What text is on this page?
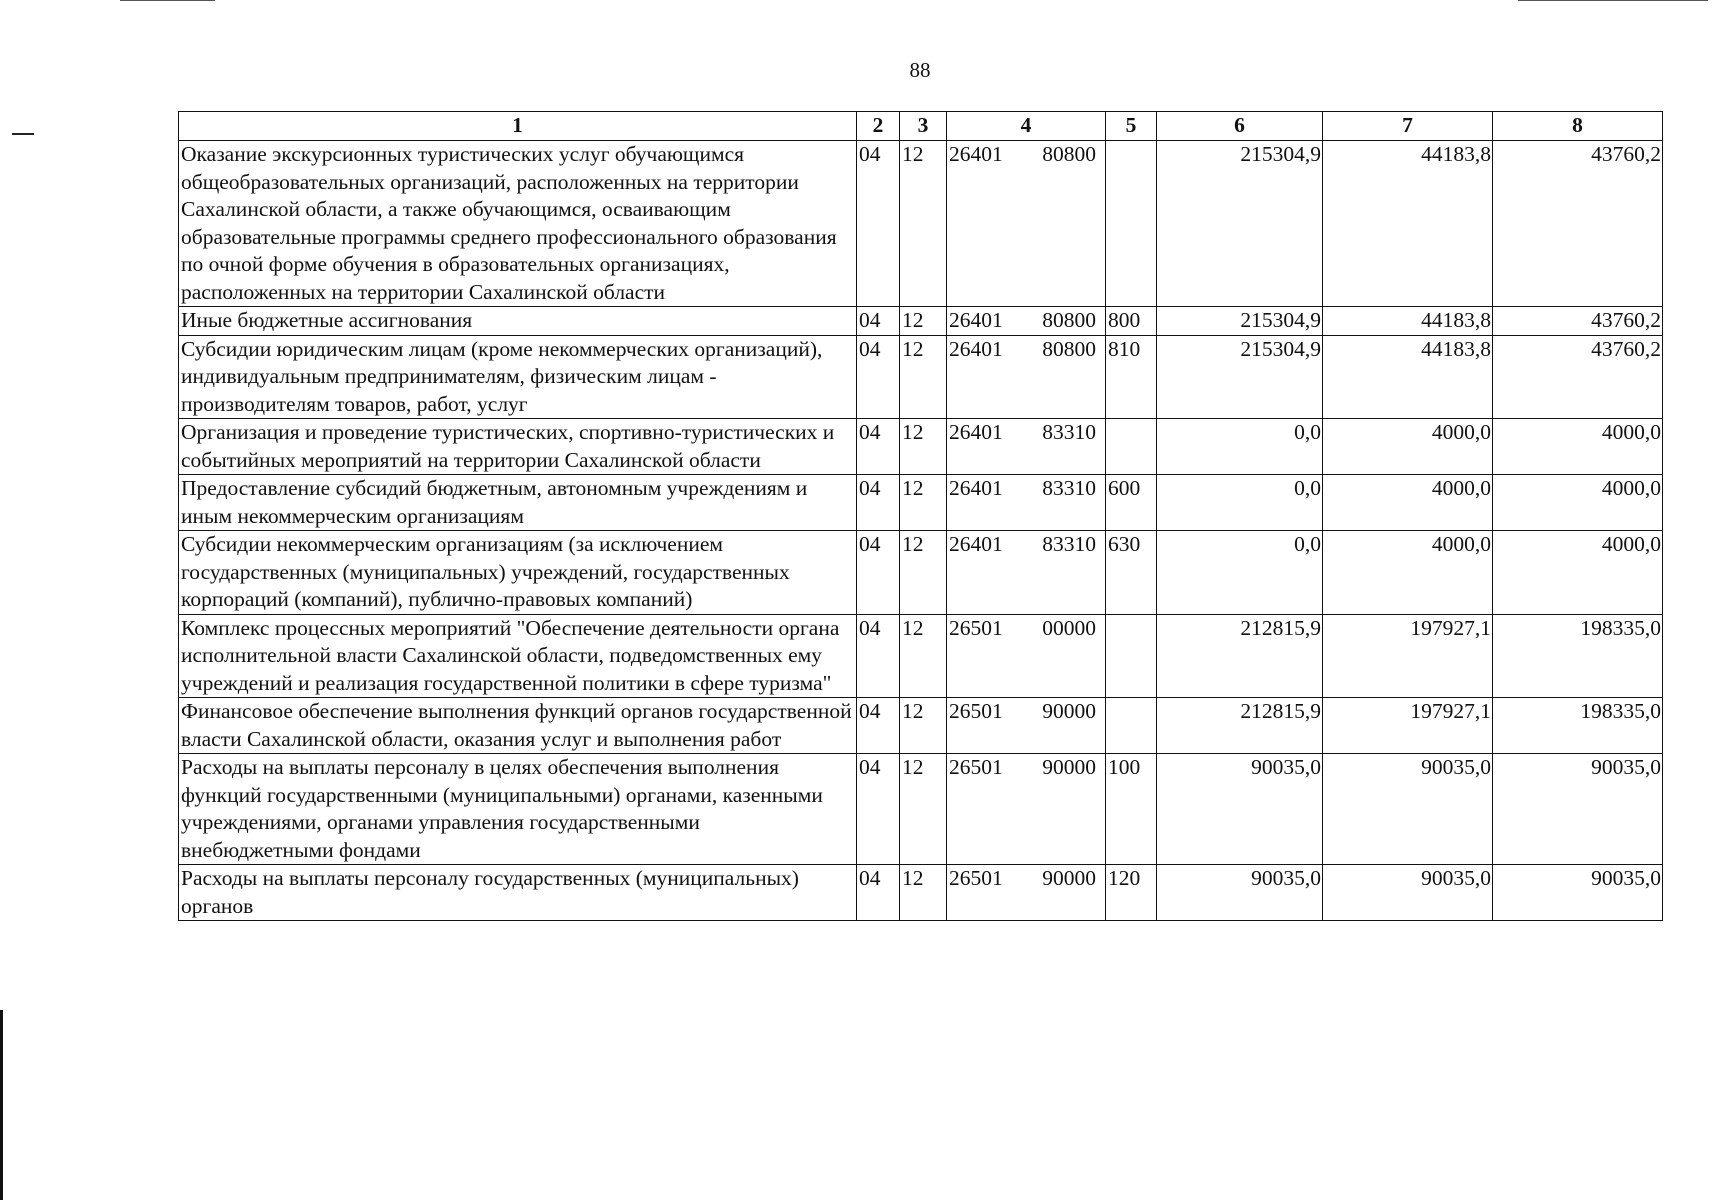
88
1	2	3	4	5	6	7	8
Оказание экскурсионных туристических услуг обучающимся общеобразовательных организаций, расположенных на территории Сахалинской области, а также обучающимся, осваивающим образовательные программы среднего профессионального образования по очной форме обучения в образовательных организациях, расположенных на территории Сахалинской области	04	12	26401 80800		215304,9	44183,8	43760,2
Иные бюджетные ассигнования	04	12	26401 80800	800	215304,9	44183,8	43760,2
Субсидии юридическим лицам (кроме некоммерческих организаций), индивидуальным предпринимателям, физическим лицам - производителям товаров, работ, услуг	04	12	26401 80800	810	215304,9	44183,8	43760,2
Организация и проведение туристических, спортивно-туристических и событийных мероприятий на территории Сахалинской области	04	12	26401 83310		0,0	4000,0	4000,0
Предоставление субсидий бюджетным, автономным учреждениям и иным некоммерческим организациям	04	12	26401 83310	600	0,0	4000,0	4000,0
Субсидии некоммерческим организациям (за исключением государственных (муниципальных) учреждений, государственных корпораций (компаний), публично-правовых компаний)	04	12	26401 83310	630	0,0	4000,0	4000,0
Комплекс процессных мероприятий "Обеспечение деятельности органа исполнительной власти Сахалинской области, подведомственных ему учреждений и реализация государственной политики в сфере туризма"	04	12	26501 00000		212815,9	197927,1	198335,0
Финансовое обеспечение выполнения функций органов государственной власти Сахалинской области, оказания услуг и выполнения работ	04	12	26501 90000		212815,9	197927,1	198335,0
Расходы на выплаты персоналу в целях обеспечения выполнения функций государственными (муниципальными) органами, казенными учреждениями, органами управления государственными внебюджетными фондами	04	12	26501 90000	100	90035,0	90035,0	90035,0
Расходы на выплаты персоналу государственных (муниципальных) органов	04	12	26501 90000	120	90035,0	90035,0	90035,0
